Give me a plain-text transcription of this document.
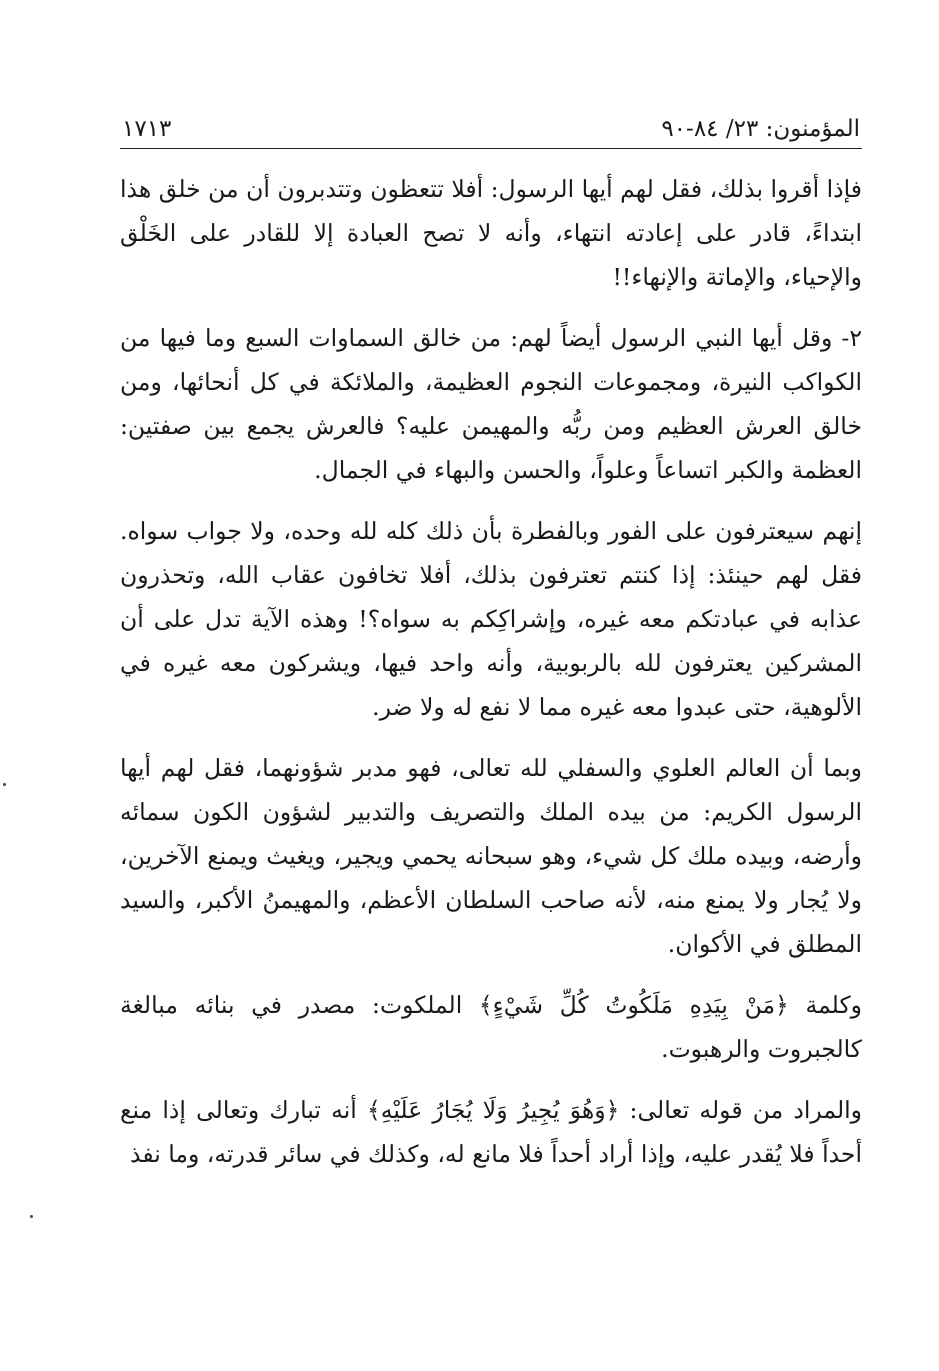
المؤمنون: ٢٣/ ٨٤-٩٠
١٧١٣

فإذا أقروا بذلك، فقل لهم أيها الرسول: أفلا تتعظون وتتدبرون أن من خلق هذا ابتداءً، قادر على إعادته انتهاء، وأنه لا تصح العبادة إلا للقادر على الخَلْق والإحياء، والإماتة والإنهاء!!

٢- وقل أيها النبي الرسول أيضاً لهم: من خالق السماوات السبع وما فيها من الكواكب النيرة، ومجموعات النجوم العظيمة، والملائكة في كل أنحائها، ومن خالق العرش العظيم ومن ربُّه والمهيمن عليه؟ فالعرش يجمع بين صفتين: العظمة والكبر اتساعاً وعلواً، والحسن والبهاء في الجمال.

إنهم سيعترفون على الفور وبالفطرة بأن ذلك كله لله وحده، ولا جواب سواه. فقل لهم حينئذ: إذا كنتم تعترفون بذلك، أفلا تخافون عقاب الله، وتحذرون عذابه في عبادتكم معه غيره، وإشراكِكم به سواه؟! وهذه الآية تدل على أن المشركين يعترفون لله بالربوبية، وأنه واحد فيها، ويشركون معه غيره في الألوهية، حتى عبدوا معه غيره مما لا نفع له ولا ضر.

وبما أن العالم العلوي والسفلي لله تعالى، فهو مدبر شؤونهما، فقل لهم أيها الرسول الكريم: من بيده الملك والتصريف والتدبير لشؤون الكون سمائه وأرضه، وبيده ملك كل شيء، وهو سبحانه يحمي ويجير، ويغيث ويمنع الآخرين، ولا يُجار ولا يمنع منه، لأنه صاحب السلطان الأعظم، والمهيمنُ الأكبر، والسيد المطلق في الأكوان.

وكلمة ﴿مَنْ بِيَدِهِ مَلَكُوتُ كُلِّ شَيْءٍ﴾ الملكوت: مصدر في بنائه مبالغة كالجبروت والرهبوت.

والمراد من قوله تعالى: ﴿وَهُوَ يُجِيرُ وَلَا يُجَارُ عَلَيْهِ﴾ أنه تبارك وتعالى إذا منع أحداً فلا يُقدر عليه، وإذا أراد أحداً فلا مانع له، وكذلك في سائر قدرته، وما نفذ
